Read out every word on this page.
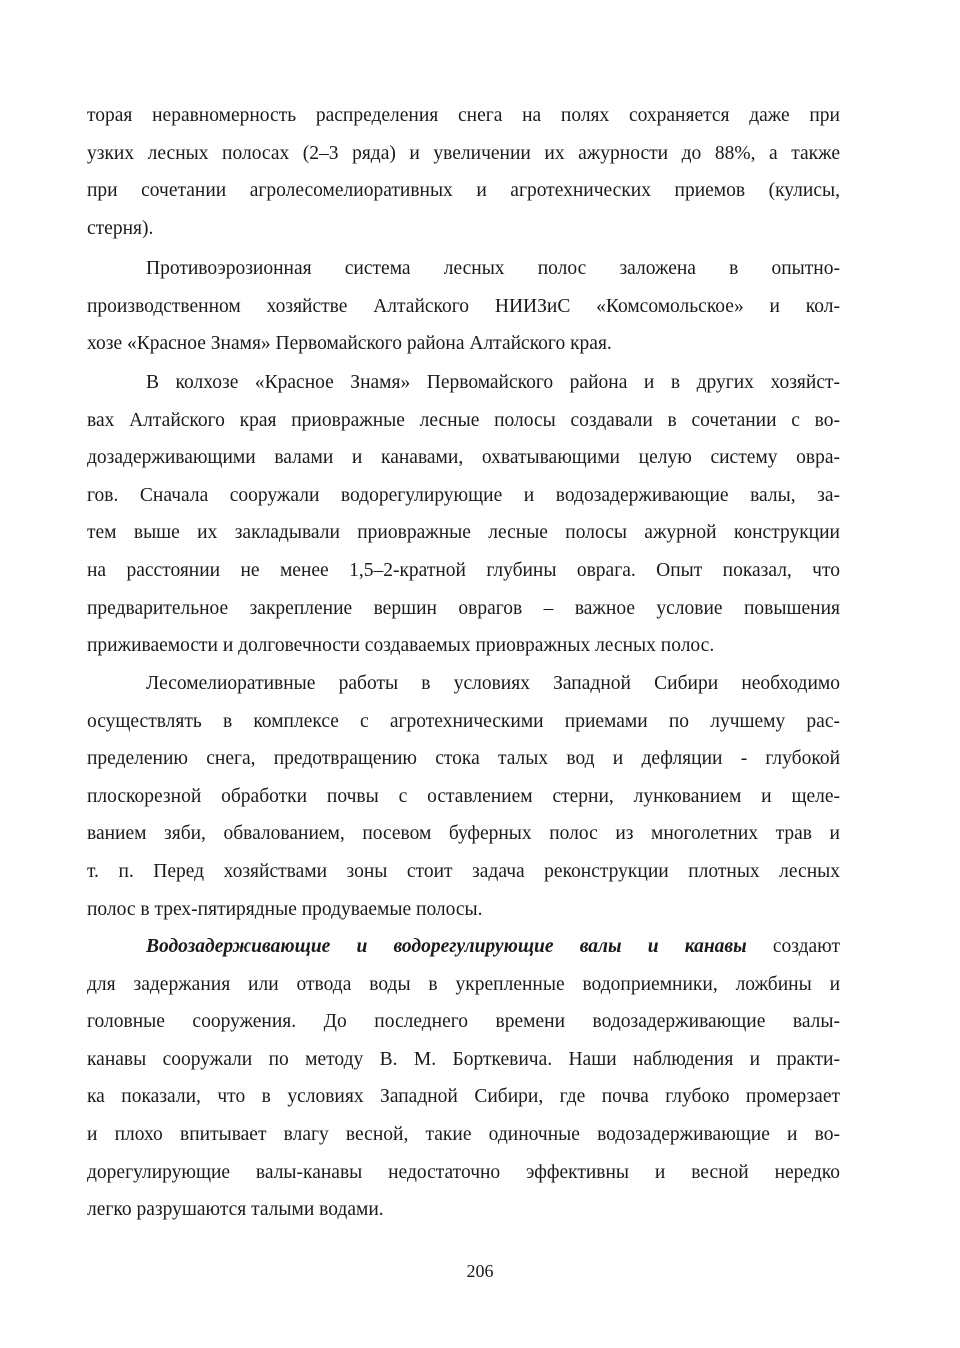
торая неравномерность распределения снега на полях сохраняется даже при
узких лесных полосах (2–3 ряда) и увеличении их ажурности до 88%, а также
при сочетании агролесомелиоративных и агротехнических приемов (кулисы,
стерня).
Противоэрозионная система лесных полос заложена в опытно-
производственном хозяйстве Алтайского НИИЗиС «Комсомольское» и кол-
хозе «Красное Знамя» Первомайского района Алтайского края.
В колхозе «Красное Знамя» Первомайского района и в других хозяйст-
вах Алтайского края приовражные лесные полосы создавали в сочетании с во-
дозадерживающими валами и канавами, охватывающими целую систему овра-
гов. Сначала сооружали водорегулирующие и водозадерживающие валы, за-
тем выше их закладывали приовражные лесные полосы ажурной конструкции
на расстоянии не менее 1,5–2-кратной глубины оврага. Опыт показал, что
предварительное закрепление вершин оврагов – важное условие повышения
приживаемости и долговечности создаваемых приовражных лесных полос.
Лесомелиоративные работы в условиях Западной Сибири необходимо
осуществлять в комплексе с агротехническими приемами по лучшему рас-
пределению снега, предотвращению стока талых вод и дефляции - глубокой
плоскорезной обработки почвы с оставлением стерни, лункованием и щеле-
ванием зяби, обвалованием, посевом буферных полос из многолетних трав и
т. п. Перед хозяйствами зоны стоит задача реконструкции плотных лесных
полос в трех-пятирядные продуваемые полосы.
Водозадерживающие и водорегулирующие валы и канавы создают
для задержания или отвода воды в укрепленные водоприемники, ложбины и
головные сооружения. До последнего времени водозадерживающие валы-
канавы сооружали по методу В. М. Борткевича. Наши наблюдения и практи-
ка показали, что в условиях Западной Сибири, где почва глубоко промерзает
и плохо впитывает влагу весной, такие одиночные водозадерживающие и во-
дорегулирующие валы-канавы недостаточно эффективны и весной нередко
легко разрушаются талыми водами.
206
